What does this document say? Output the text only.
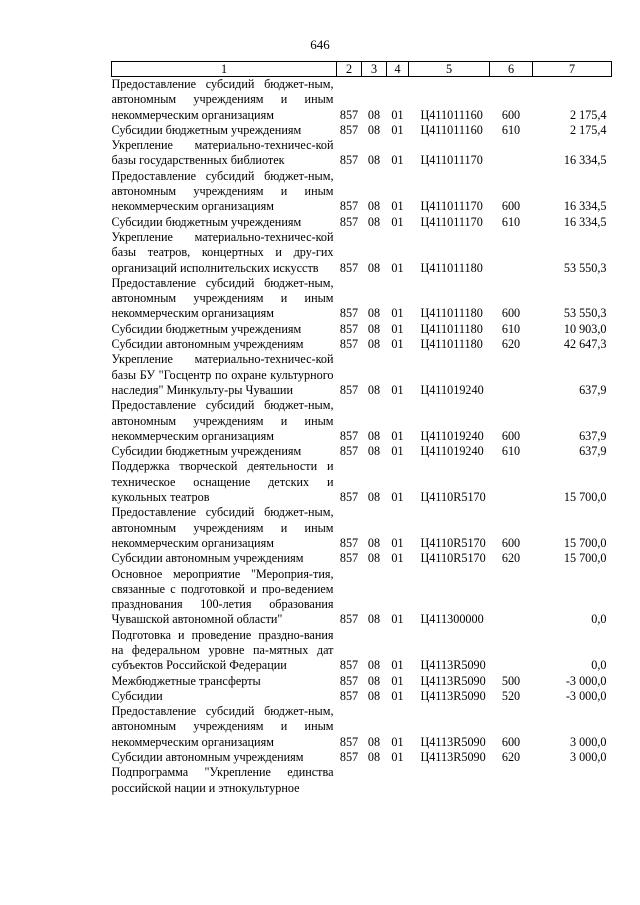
646
1	2	3	4	5	6	7
Предоставление субсидий бюджет-ным, автономным учреждениям и иным некоммерческим организациям	857	08	01	Ц411011160	600	2 175,4
Субсидии бюджетным учреждениям	857	08	01	Ц411011160	610	2 175,4
Укрепление материально-техничес-кой базы государственных библиотек	857	08	01	Ц411011170		16 334,5
Предоставление субсидий бюджет-ным, автономным учреждениям и иным некоммерческим организациям	857	08	01	Ц411011170	600	16 334,5
Субсидии бюджетным учреждениям	857	08	01	Ц411011170	610	16 334,5
Укрепление материально-техничес-кой базы театров, концертных и дру-гих организаций исполнительских искусств	857	08	01	Ц411011180		53 550,3
Предоставление субсидий бюджет-ным, автономным учреждениям и иным некоммерческим организациям	857	08	01	Ц411011180	600	53 550,3
Субсидии бюджетным учреждениям	857	08	01	Ц411011180	610	10 903,0
Субсидии автономным учреждениям	857	08	01	Ц411011180	620	42 647,3
Укрепление материально-техничес-кой базы БУ "Госцентр по охране культурного наследия" Минкульту-ры Чувашии	857	08	01	Ц411019240		637,9
Предоставление субсидий бюджет-ным, автономным учреждениям и иным некоммерческим организациям	857	08	01	Ц411019240	600	637,9
Субсидии бюджетным учреждениям	857	08	01	Ц411019240	610	637,9
Поддержка творческой деятельности и техническое оснащение детских и кукольных театров	857	08	01	Ц4110R5170		15 700,0
Предоставление субсидий бюджет-ным, автономным учреждениям и иным некоммерческим организациям	857	08	01	Ц4110R5170	600	15 700,0
Субсидии автономным учреждениям	857	08	01	Ц4110R5170	620	15 700,0
Основное мероприятие "Мероприя-тия, связанные с подготовкой и про-ведением празднования 100-летия образования Чувашской автономной области"	857	08	01	Ц411300000		0,0
Подготовка и проведение праздно-вания на федеральном уровне па-мятных дат субъектов Российской Федерации	857	08	01	Ц4113R5090		0,0
Межбюджетные трансферты	857	08	01	Ц4113R5090	500	-3 000,0
Субсидии	857	08	01	Ц4113R5090	520	-3 000,0
Предоставление субсидий бюджет-ным, автономным учреждениям и иным некоммерческим организациям	857	08	01	Ц4113R5090	600	3 000,0
Субсидии автономным учреждениям	857	08	01	Ц4113R5090	620	3 000,0
Подпрограмма "Укрепление единства российской нации и этнокультурное						
